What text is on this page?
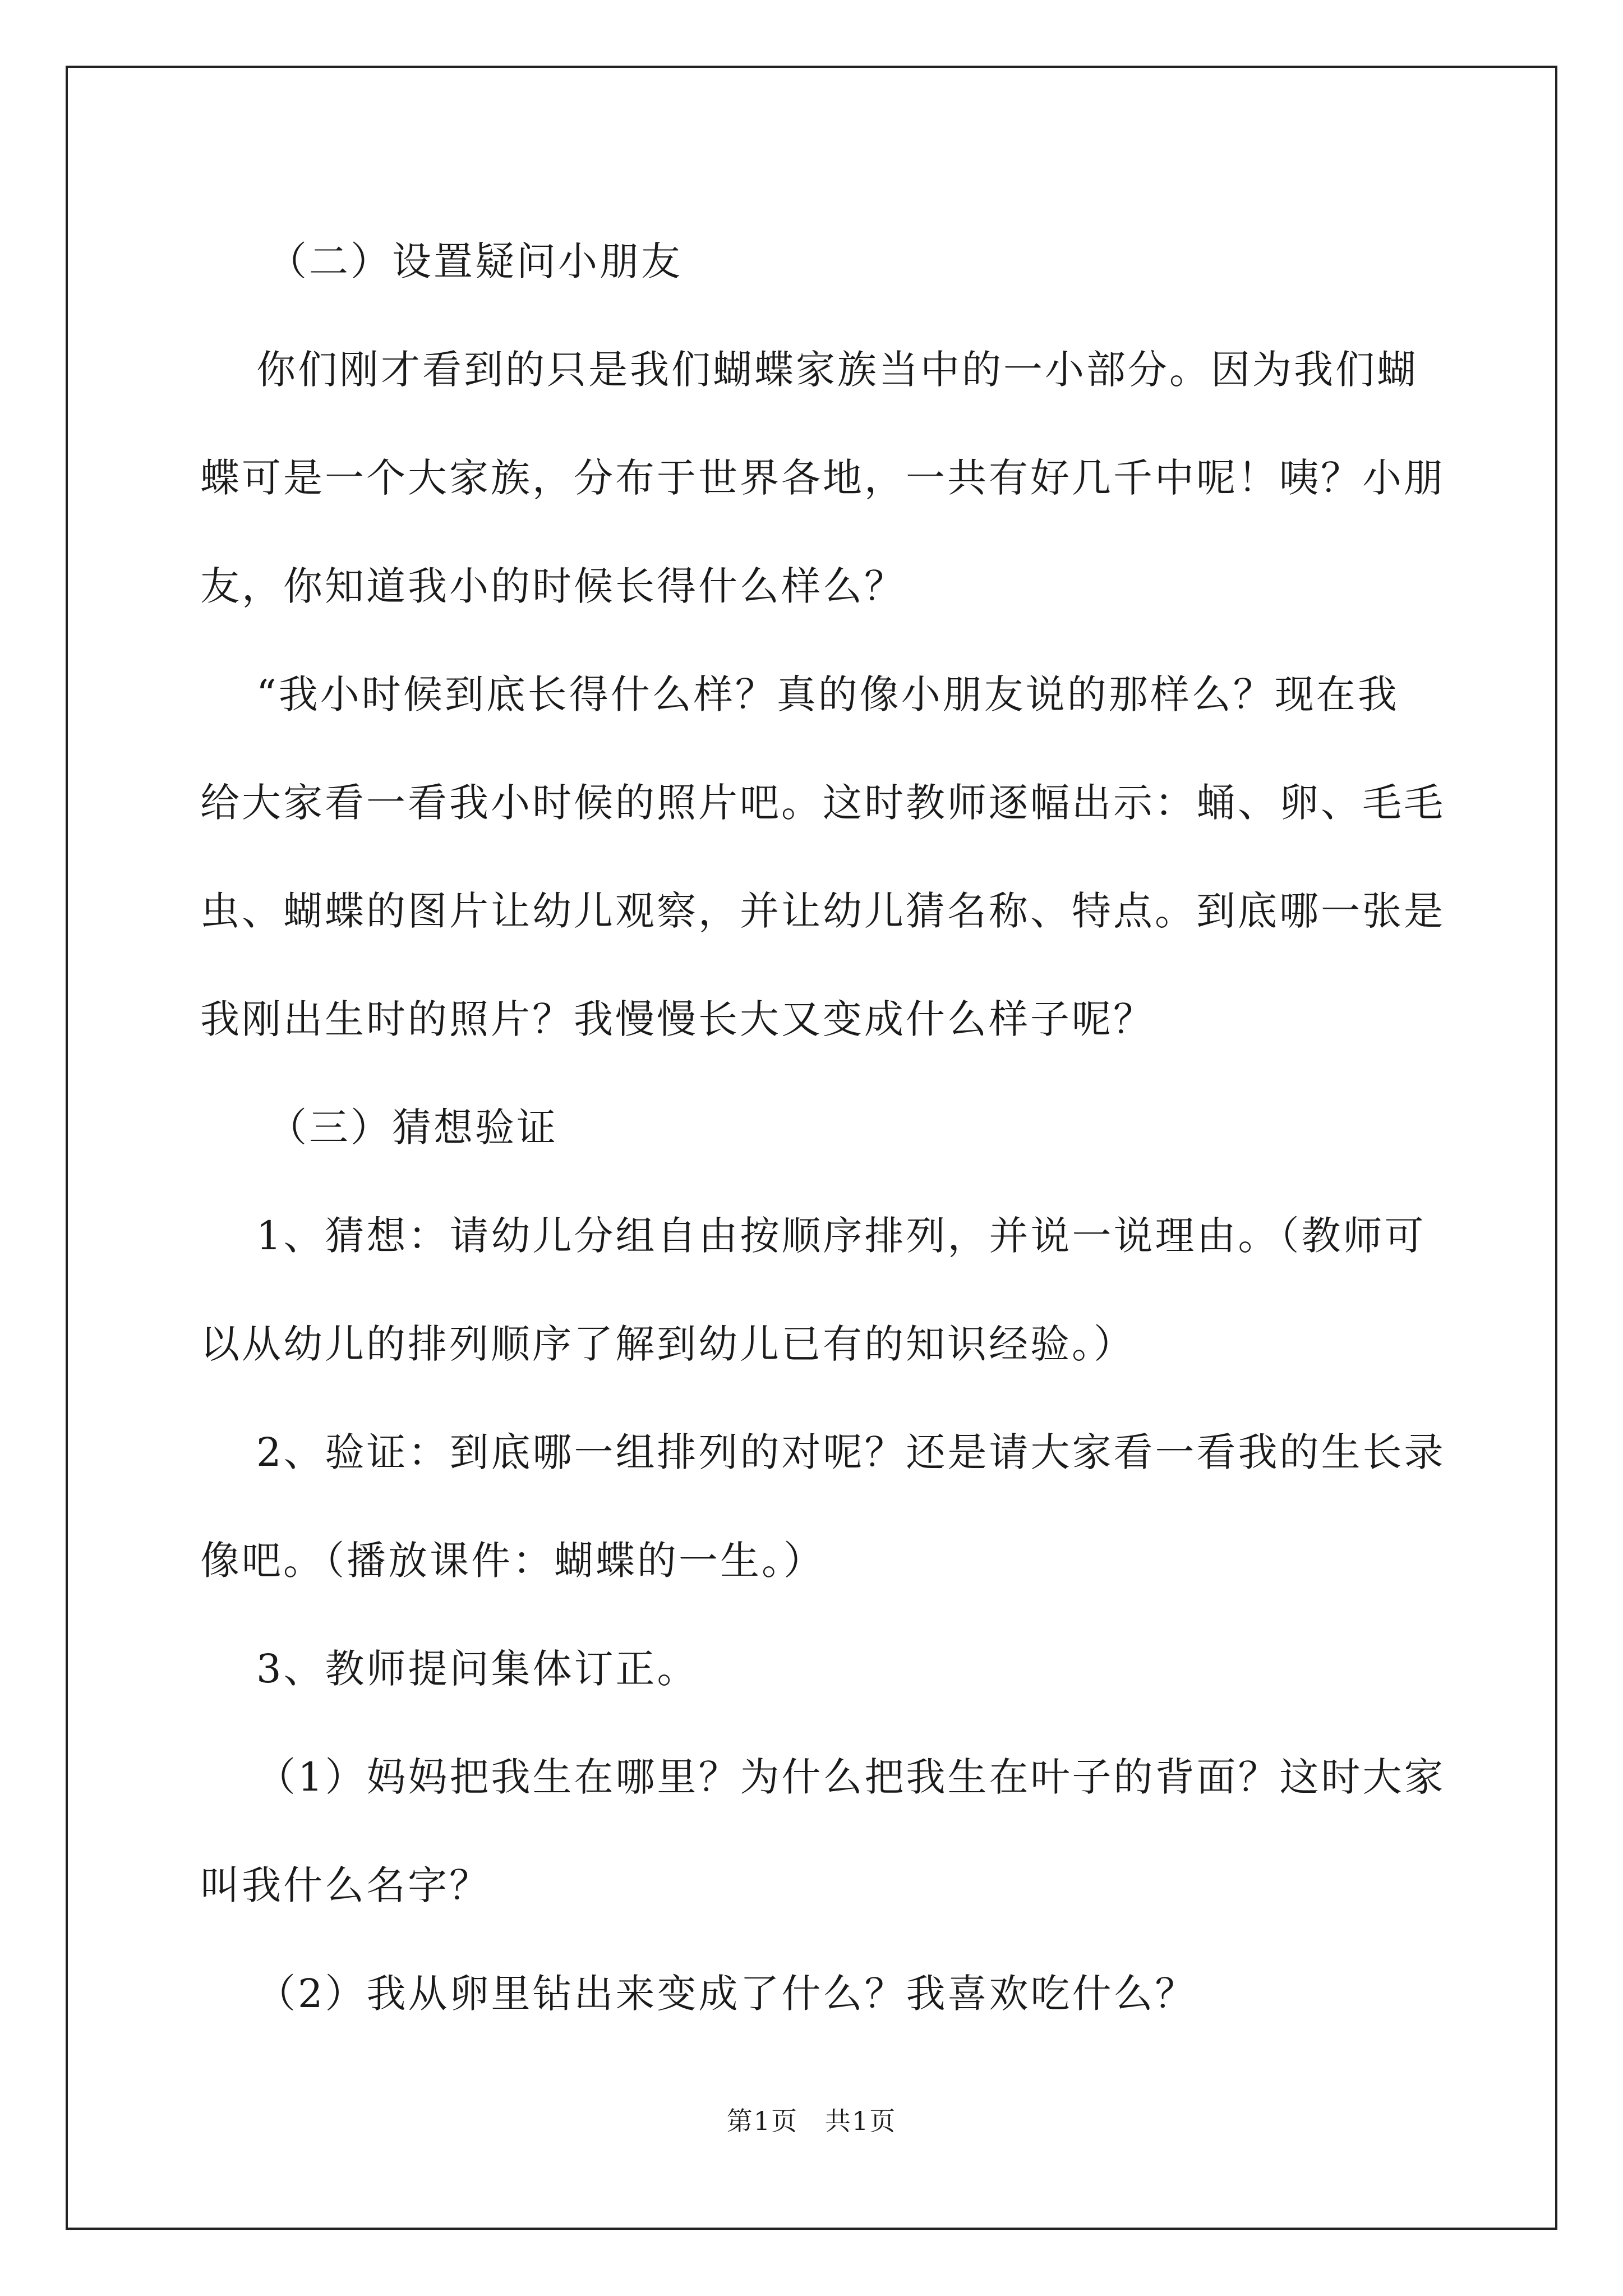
（二）设置疑问小朋友

你们刚才看到的只是我们蝴蝶家族当中的一小部分。因为我们蝴

蝶可是一个大家族，分布于世界各地，一共有好几千中呢！咦？小朋

友，你知道我小的时候长得什么样么？

“我小时候到底长得什么样？真的像小朋友说的那样么？现在我

给大家看一看我小时候的照片吧。这时教师逐幅出示：蛹、卵、毛毛

虫、蝴蝶的图片让幼儿观察，并让幼儿猜名称、特点。到底哪一张是

我刚出生时的照片？我慢慢长大又变成什么样子呢？

（三）猜想验证

1、猜想：请幼儿分组自由按顺序排列，并说一说理由。（教师可

以从幼儿的排列顺序了解到幼儿已有的知识经验。）

2、验证：到底哪一组排列的对呢？还是请大家看一看我的生长录

像吧。（播放课件：蝴蝶的一生。）

3、教师提问集体订正。

（1）妈妈把我生在哪里？为什么把我生在叶子的背面？这时大家

叫我什么名字？

（2）我从卵里钻出来变成了什么？我喜欢吃什么？

第1页　共1页
